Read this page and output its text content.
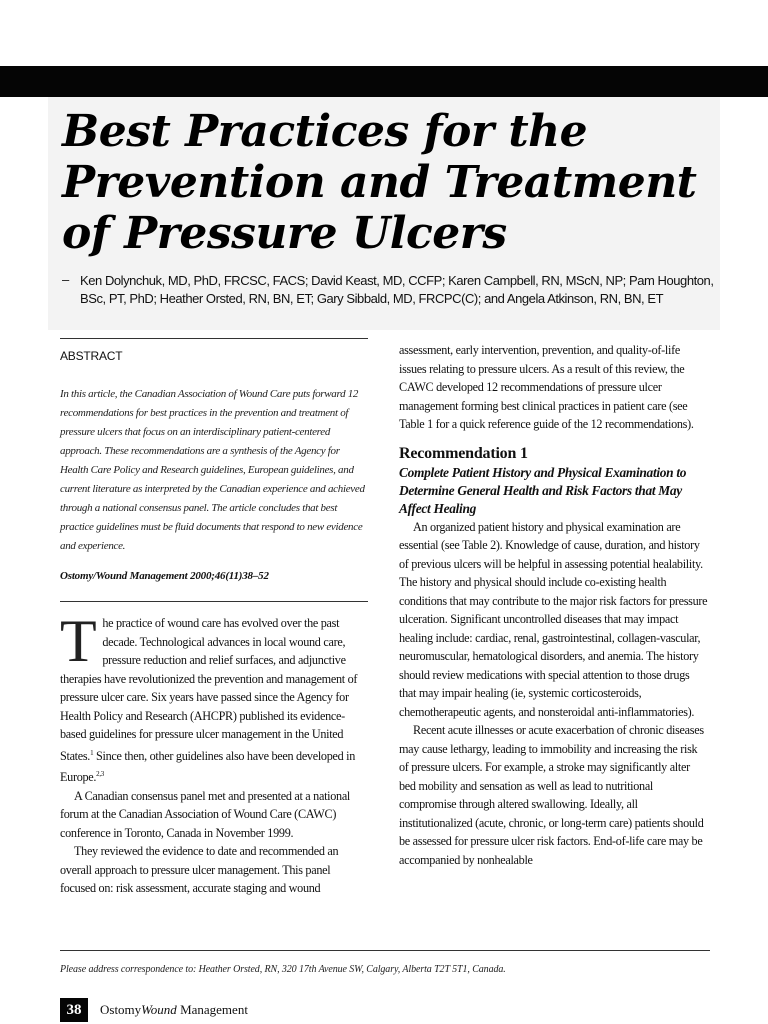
Best Practices for the
Prevention and Treatment
of Pressure Ulcers
– Ken Dolynchuk, MD, PhD, FRCSC, FACS; David Keast, MD, CCFP; Karen Campbell, RN, MScN, NP; Pam Houghton, BSc, PT, PhD; Heather Orsted, RN, BN, ET; Gary Sibbald, MD, FRCPC(C); and Angela Atkinson, RN, BN, ET
ABSTRACT
In this article, the Canadian Association of Wound Care puts forward 12 recommendations for best practices in the prevention and treatment of pressure ulcers that focus on an interdisciplinary patient-centered approach. These recommendations are a synthesis of the Agency for Health Care Policy and Research guidelines, European guidelines, and current literature as interpreted by the Canadian experience and achieved through a national consensus panel. The article concludes that best practice guidelines must be fluid documents that respond to new evidence and experience.
Ostomy/Wound Management 2000;46(11)38–52

The practice of wound care has evolved over the past decade. Technological advances in local wound care, pressure reduction and relief surfaces, and adjunctive therapies have revolutionized the prevention and management of pressure ulcer care. Six years have passed since the Agency for Health Policy and Research (AHCPR) published its evidence-based guidelines for pressure ulcer management in the United States.$^1$ Since then, other guidelines also have been developed in Europe.$^{2,3}$

A Canadian consensus panel met and presented at a national forum at the Canadian Association of Wound Care (CAWC) conference in Toronto, Canada in November 1999.

They reviewed the evidence to date and recommended an overall approach to pressure ulcer management. This panel focused on: risk assessment, accurate staging and wound

assessment, early intervention, prevention, and quality-of-life issues relating to pressure ulcers. As a result of this review, the CAWC developed 12 recommendations of pressure ulcer management forming best clinical practices in patient care (see Table 1 for a quick reference guide of the 12 recommendations).

Recommendation 1
Complete Patient History and Physical Examination to Determine General Health and Risk Factors that May Affect Healing

An organized patient history and physical examination are essential (see Table 2). Knowledge of cause, duration, and history of previous ulcers will be helpful in assessing potential healability. The history and physical should include co-existing health conditions that may contribute to the major risk factors for pressure ulceration. Significant uncontrolled diseases that may impact healing include: cardiac, renal, gastrointestinal, collagen-vascular, neuromuscular, hematological disorders, and anemia. The history should review medications with special attention to those drugs that may impair healing (ie, systemic corticosteroids, chemotherapeutic agents, and nonsteroidal anti-inflammatories).

Recent acute illnesses or acute exacerbation of chronic diseases may cause lethargy, leading to immobility and increasing the risk of pressure ulcers. For example, a stroke may significantly alter bed mobility and sensation as well as lead to nutritional compromise through altered swallowing. Ideally, all institutionalized (acute, chronic, or long-term care) patients should be assessed for pressure ulcer risk factors. End-of-life care may be accompanied by nonhealable

Please address correspondence to: Heather Orsted, RN, 320 17th Avenue SW, Calgary, Alberta T2T 5T1, Canada.
38	OstomyWound Management
